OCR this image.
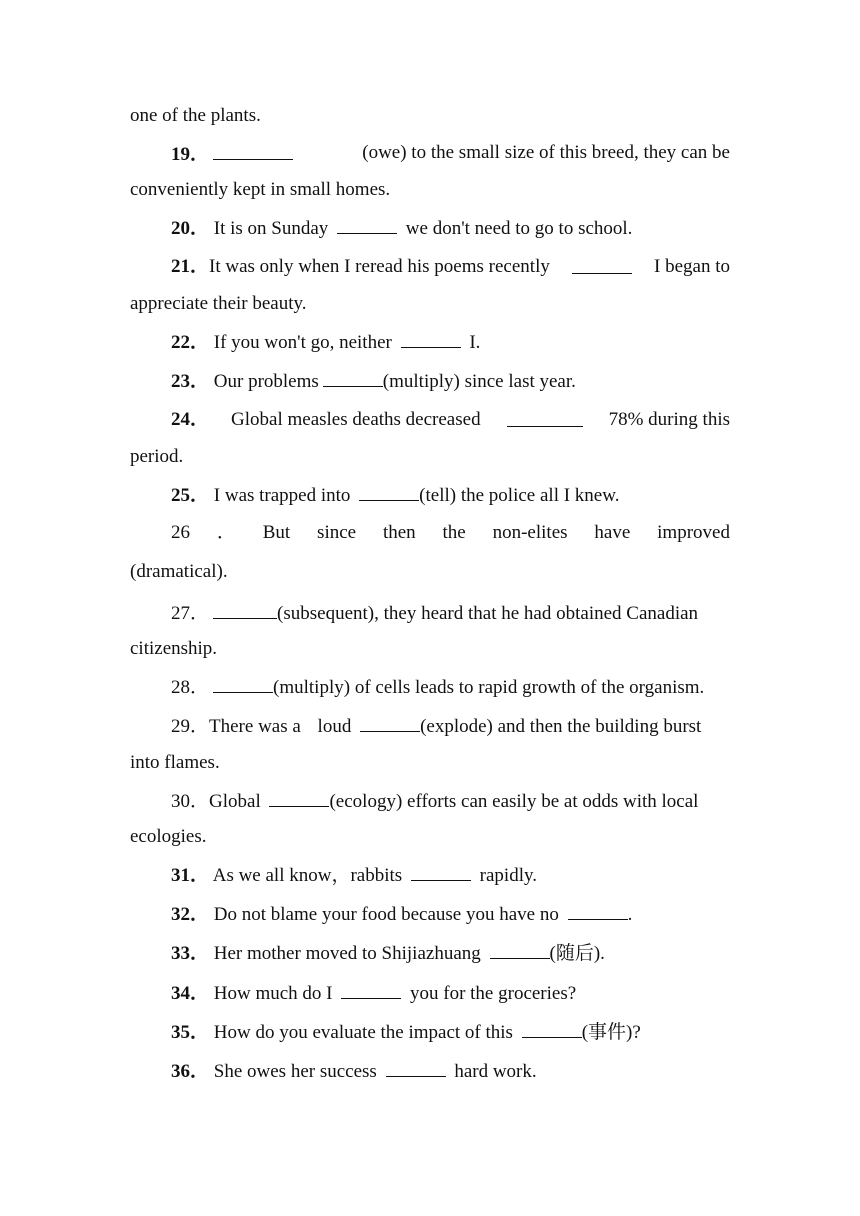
one of the plants.
19．	(owe) to the small size of this breed, they can be
conveniently kept in small homes.
20． It is on Sunday	we don't need to go to school.
21．It was only when I reread his poems recently	I began to
appreciate their beauty.
22． If you won't go, neither	I.
23． Our problems	(multiply) since last year.
24． Global measles deaths decreased	78% during this
period.
25． I was trapped into	(tell) the police all I knew.
26 ． But since then the non-elites have improved
(dramatical).
27．	(subsequent), they heard that he had obtained Canadian
citizenship.
28．	(multiply) of cells leads to rapid growth of the organism.
29．There was a loud	(explode) and then the building burst
into flames.
30．Global	(ecology) efforts can easily be at odds with local
ecologies.
31． As we all know，rabbits	rapidly.
32． Do not blame your food because you have no	.
33． Her mother moved to Shijiazhuang	(随后).
34． How much do I	you for the groceries?
35． How do you evaluate the impact of this	(事件)?
36． She owes her success	hard work.
